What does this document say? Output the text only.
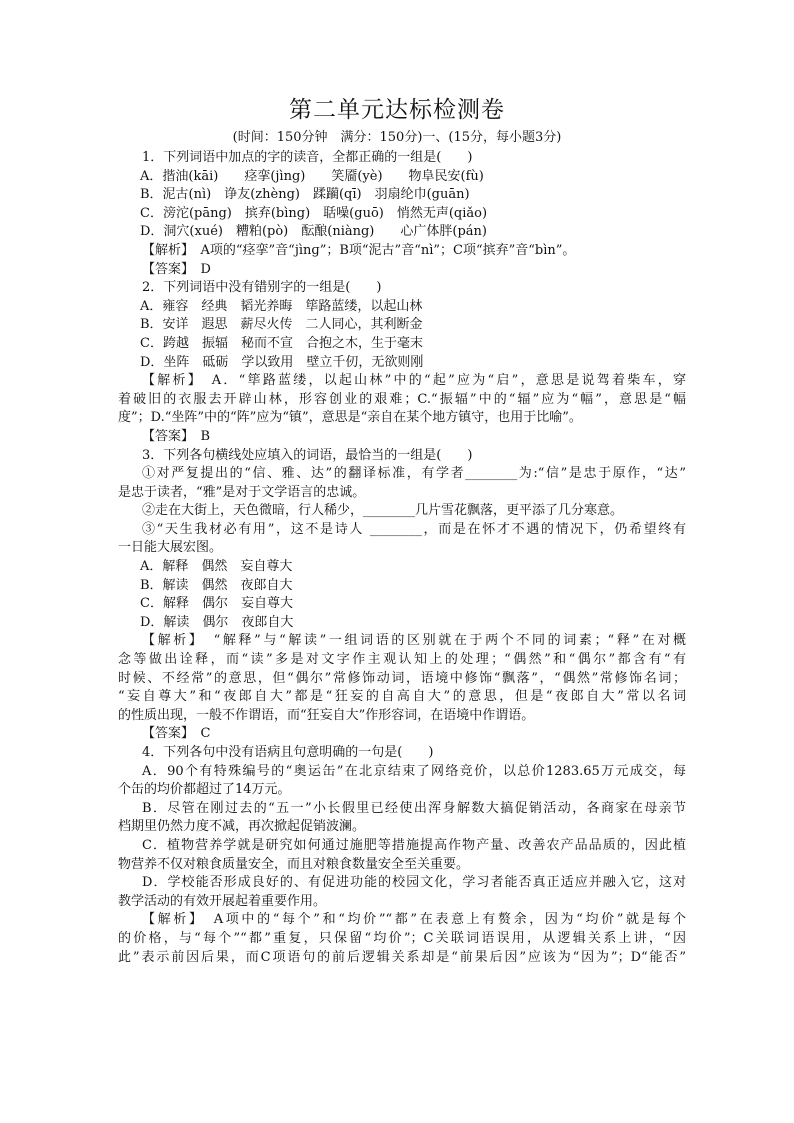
第二单元达标检测卷
(时间：150分钟　满分：150分)一、(15分，每小题3分)
1．下列词语中加点的字的读音，全都正确的一组是(　　)
A．揩油(kāi)　　痉挛(jìng)　　笑靥(yè)　　物阜民安(fù)
B．泥古(nì)　诤友(zhèng)　蹂躏(qī)　羽扇纶巾(guān)
C．滂沱(pāng)　摈弃(bìng)　聒噪(guō)　悄然无声(qiǎo)
D．洞穴(xué)　糟粕(pò)　酝酿(niàng)　　心广体胖(pán)
【解析】　A项的“痉挛”音“jìnɡ”；B项“泥古”音“nì”；C项“摈弃”音“bìn”。
【答案】　D
2．下列词语中没有错别字的一组是(　　)
A．雍容　经典　韬光养晦　筚路蓝缕，以起山林
B．安详　遐思　薪尽火传　二人同心，其利断金
C．跨越　振辐　秘而不宣　合抱之木，生于毫末
D．坐阵　砥砺　学以致用　壁立千仞，无欲则刚
【解析】　A．“筚路蓝缕，以起山林”中的“起”应为“启”，意思是说驾着柴车，穿
着破旧的衣服去开辟山林，形容创业的艰难；C.“振辐”中的“辐”应为“幅”，意思是“幅
度”；D.“坐阵”中的“阵”应为“镇”，意思是“亲自在某个地方镇守，也用于比喻”。
【答案】　B
3．下列各句横线处应填入的词语，最恰当的一组是(　　)
①对严复提出的“信、雅、达”的翻译标准，有学者________为:“信”是忠于原作，“达”
是忠于读者，“雅”是对于文学语言的忠诚。
②走在大街上，天色微暗，行人稀少，________几片雪花飘落，更平添了几分寒意。
③“天生我材必有用”，这不是诗人 ________，而是在怀才不遇的情况下，仍希望终有
一日能大展宏图。
A．解释　偶然　妄自尊大
B．解读　偶然　夜郎自大
C．解释　偶尔　妄自尊大
D．解读　偶尔　夜郎自大
【解析】　“解释”与“解读”一组词语的区别就在于两个不同的词素；“释”在对概
念等做出诠释，而“读”多是对文字作主观认知上的处理；“偶然”和“偶尔”都含有“有
时候、不经常”的意思，但“偶尔”常修饰动词，语境中修饰“飘落”，“偶然”常修饰名词；
“妄自尊大”和“夜郎自大”都是“狂妄的自高自大”的意思，但是“夜郎自大”常以名词
的性质出现，一般不作谓语，而“狂妄自大”作形容词，在语境中作谓语。
【答案】　C
4．下列各句中没有语病且句意明确的一句是(　　)
A．90个有特殊编号的“奥运缶”在北京结束了网络竞价，以总价1283.65万元成交，每
个缶的均价都超过了14万元。
B．尽管在刚过去的“五一”小长假里已经使出浑身解数大搞促销活动，各商家在母亲节
档期里仍然力度不减，再次掀起促销波澜。
C．植物营养学就是研究如何通过施肥等措施提高作物产量、改善农产品品质的，因此植
物营养不仅对粮食质量安全，而且对粮食数量安全至关重要。
D．学校能否形成良好的、有促进功能的校园文化，学习者能否真正适应并融入它，这对
教学活动的有效开展起着重要作用。
【解析】　A项中的“每个”和“均价”“都”在表意上有赘余，因为“均价”就是每个
的价格，与“每个”“都”重复，只保留“均价”；C关联词语误用，从逻辑关系上讲，“因
此”表示前因后果，而C项语句的前后逻辑关系却是“前果后因”应该为“因为”；D“能否”
